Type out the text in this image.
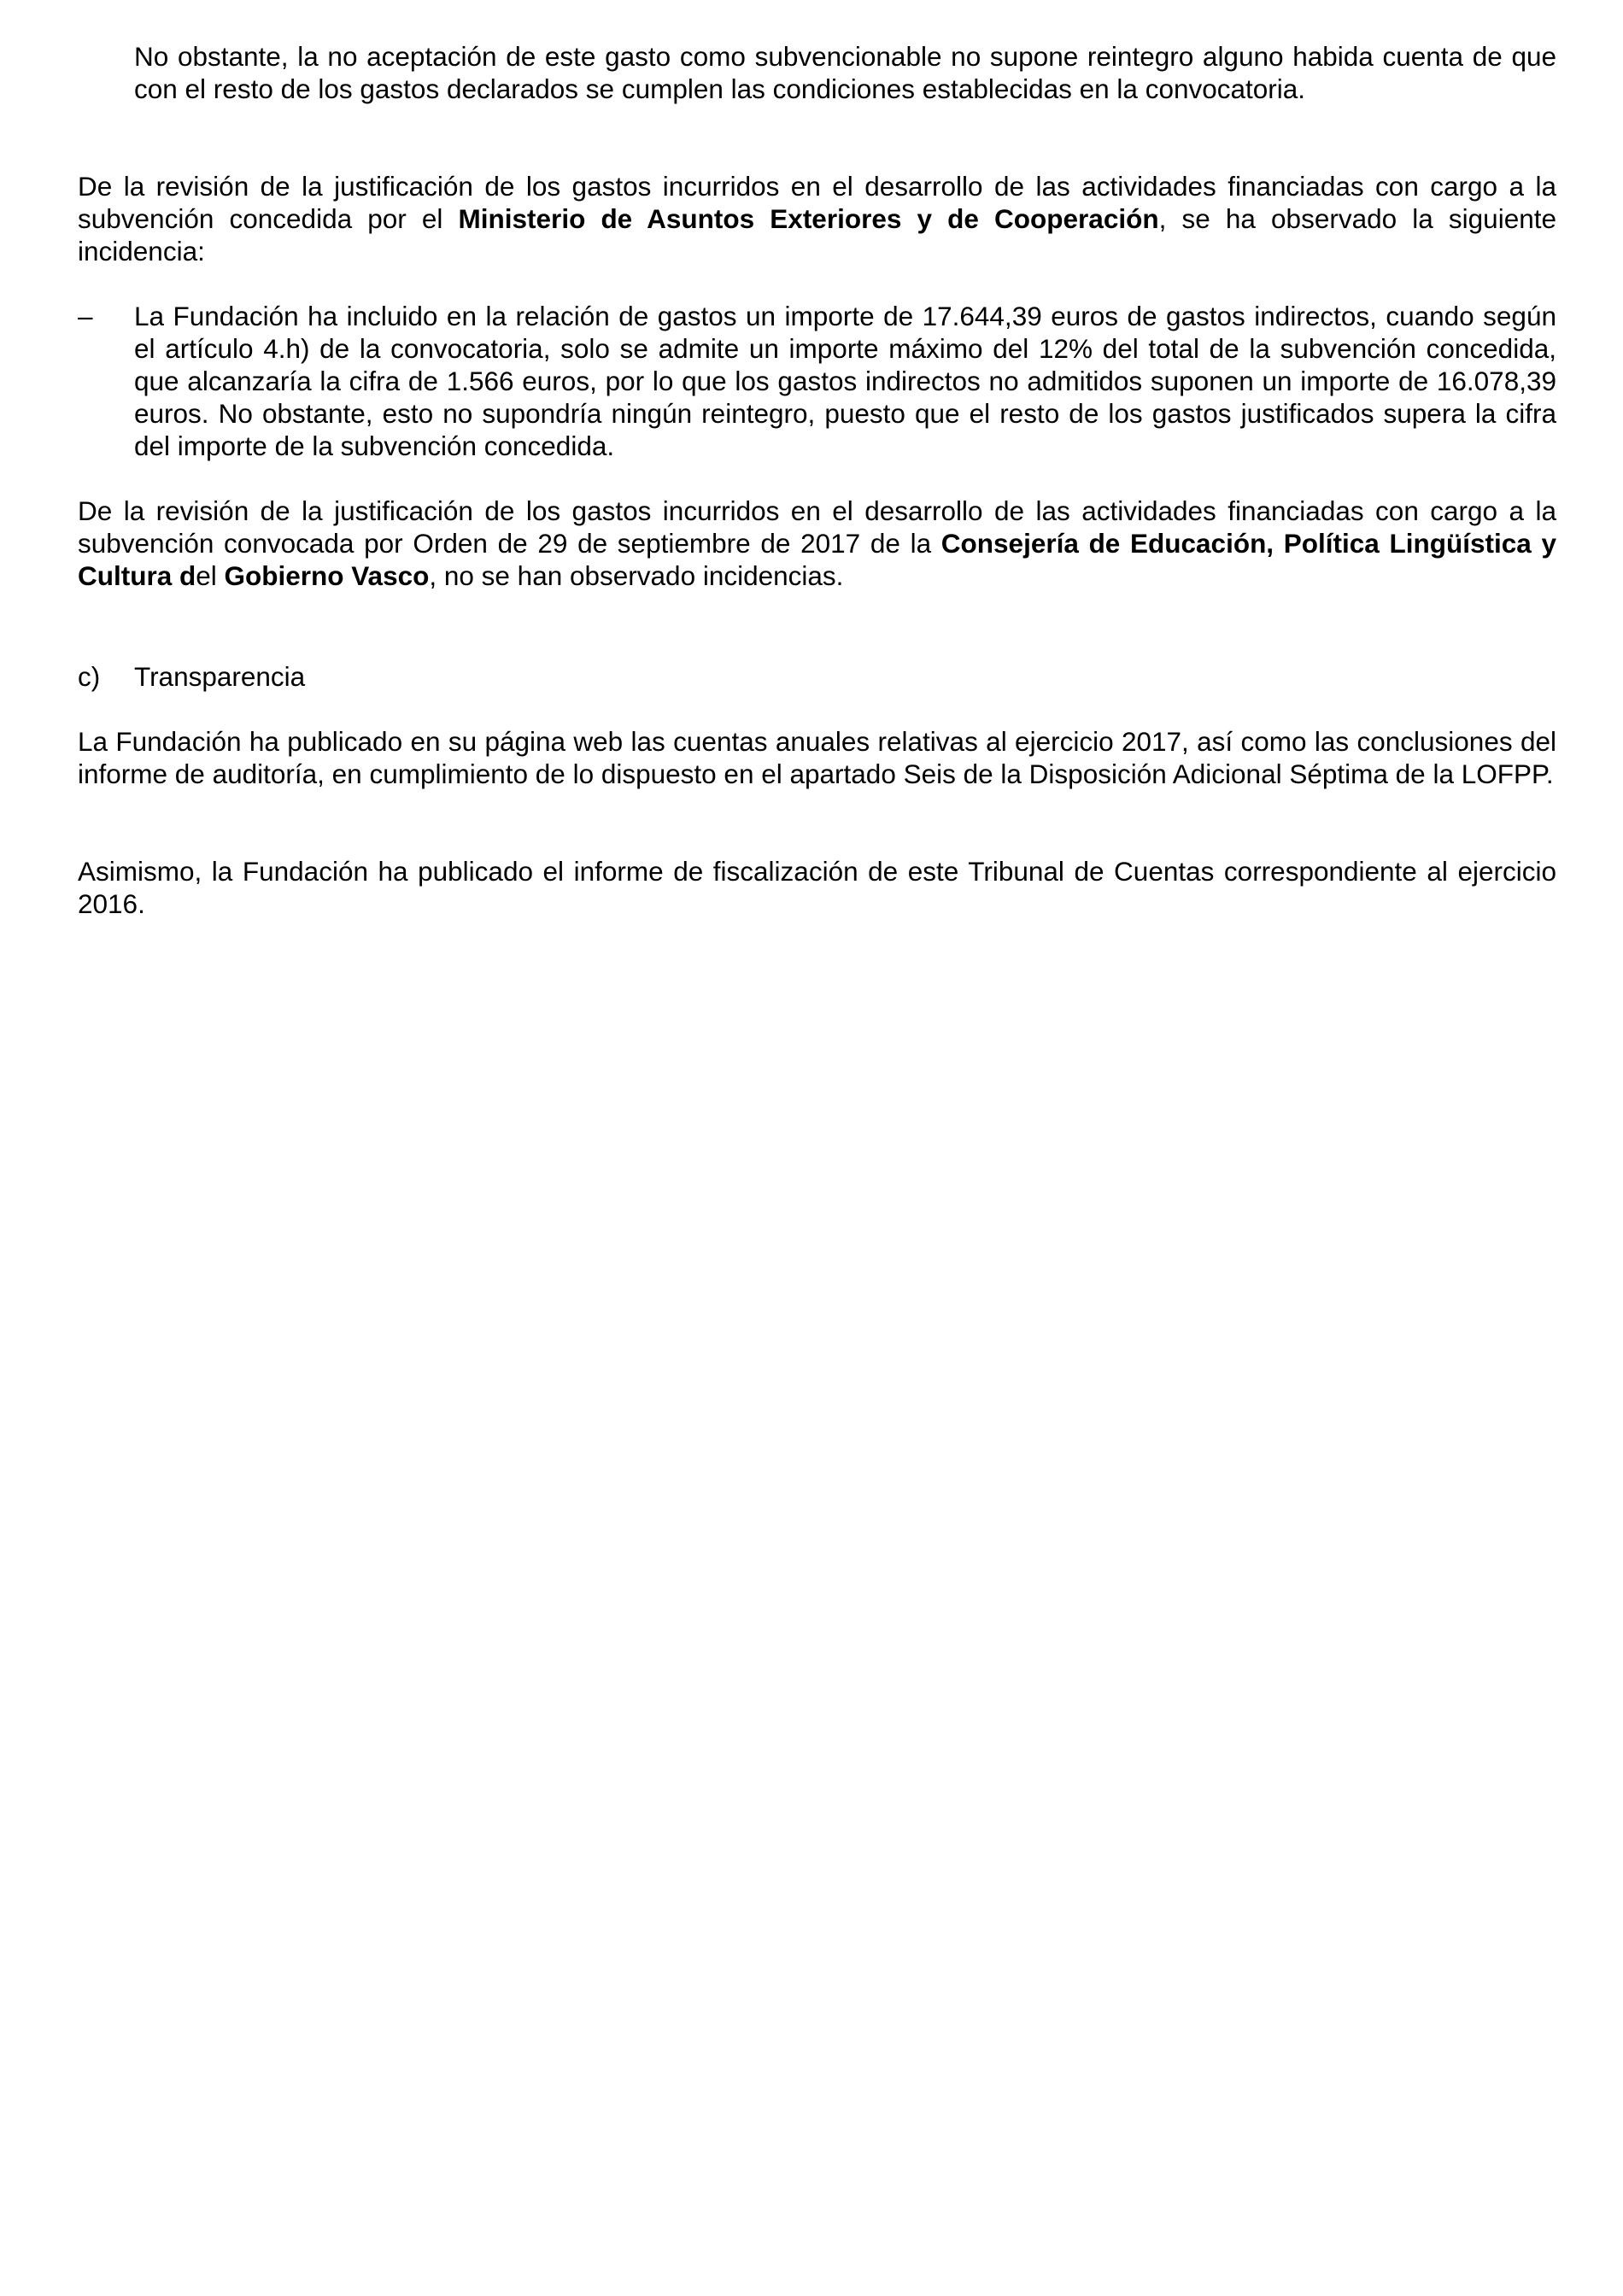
No obstante, la no aceptación de este gasto como subvencionable no supone reintegro alguno habida cuenta de que con el resto de los gastos declarados se cumplen las condiciones establecidas en la convocatoria.

De la revisión de la justificación de los gastos incurridos en el desarrollo de las actividades financiadas con cargo a la subvención concedida por el Ministerio de Asuntos Exteriores y de Cooperación, se ha observado la siguiente incidencia:

– La Fundación ha incluido en la relación de gastos un importe de 17.644,39 euros de gastos indirectos, cuando según el artículo 4.h) de la convocatoria, solo se admite un importe máximo del 12% del total de la subvención concedida, que alcanzaría la cifra de 1.566 euros, por lo que los gastos indirectos no admitidos suponen un importe de 16.078,39 euros. No obstante, esto no supondría ningún reintegro, puesto que el resto de los gastos justificados supera la cifra del importe de la subvención concedida.

De la revisión de la justificación de los gastos incurridos en el desarrollo de las actividades financiadas con cargo a la subvención convocada por Orden de 29 de septiembre de 2017 de la Consejería de Educación, Política Lingüística y Cultura del Gobierno Vasco, no se han observado incidencias.

c) Transparencia

La Fundación ha publicado en su página web las cuentas anuales relativas al ejercicio 2017, así como las conclusiones del informe de auditoría, en cumplimiento de lo dispuesto en el apartado Seis de la Disposición Adicional Séptima de la LOFPP.

Asimismo, la Fundación ha publicado el informe de fiscalización de este Tribunal de Cuentas correspondiente al ejercicio 2016.
